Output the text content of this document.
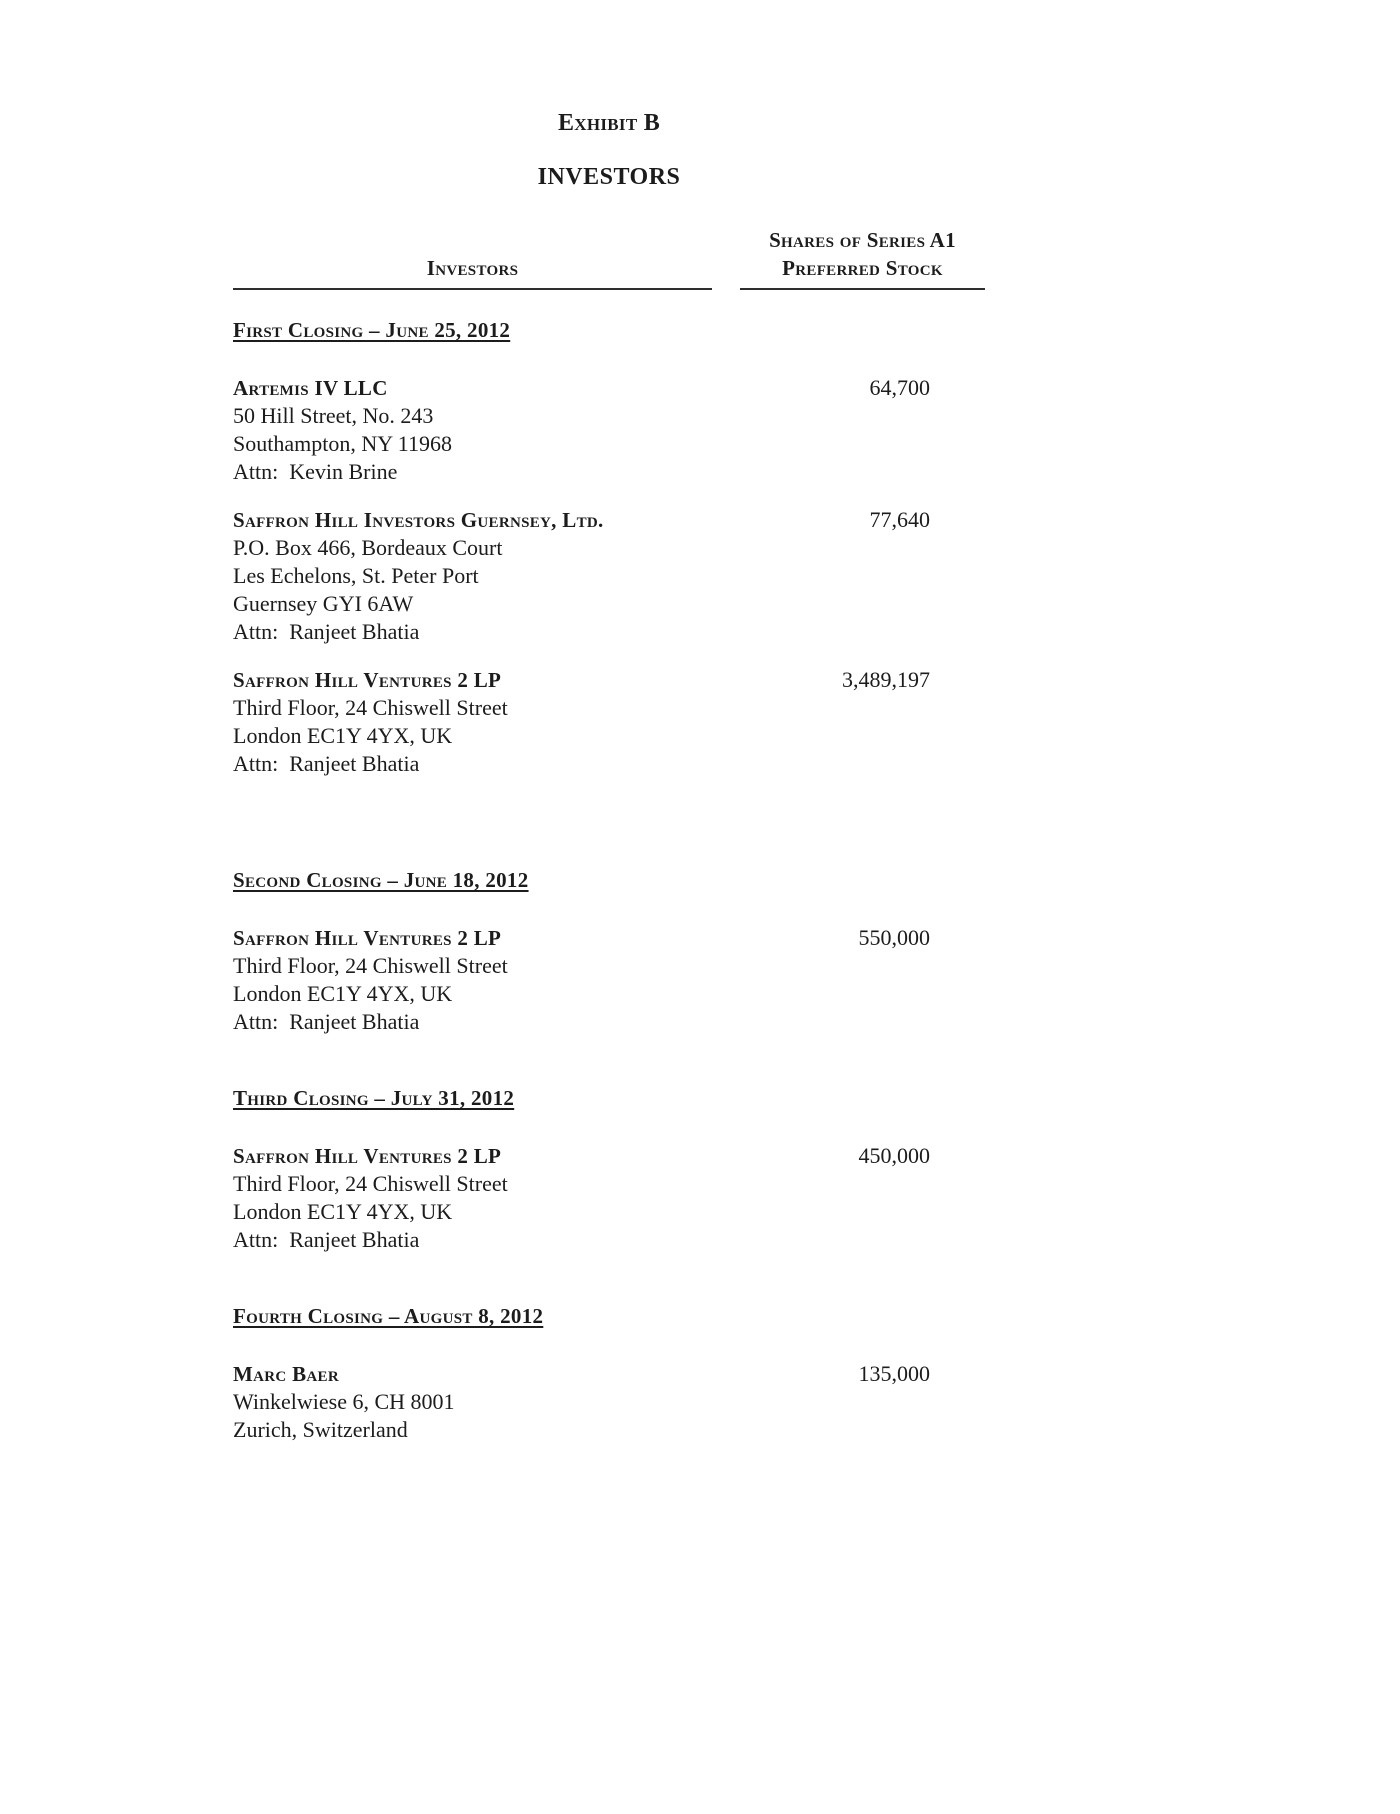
Exhibit B
INVESTORS
Investors
Shares of Series A1
Preferred Stock
First Closing – June 25, 2012
Artemis IV LLC
50 Hill Street, No. 243
Southampton, NY 11968
Attn:  Kevin Brine
64,700
Saffron Hill Investors Guernsey, Ltd.
P.O. Box 466, Bordeaux Court
Les Echelons, St. Peter Port
Guernsey GYI 6AW
Attn:  Ranjeet Bhatia
77,640
Saffron Hill Ventures 2 LP
Third Floor, 24 Chiswell Street
London EC1Y 4YX, UK
Attn:  Ranjeet Bhatia
3,489,197
Second Closing – June 18, 2012
Saffron Hill Ventures 2 LP
Third Floor, 24 Chiswell Street
London EC1Y 4YX, UK
Attn:  Ranjeet Bhatia
550,000
Third Closing – July 31, 2012
Saffron Hill Ventures 2 LP
Third Floor, 24 Chiswell Street
London EC1Y 4YX, UK
Attn:  Ranjeet Bhatia
450,000
Fourth Closing – August 8, 2012
Marc Baer
Winkelwiese 6, CH 8001
Zurich, Switzerland
135,000
